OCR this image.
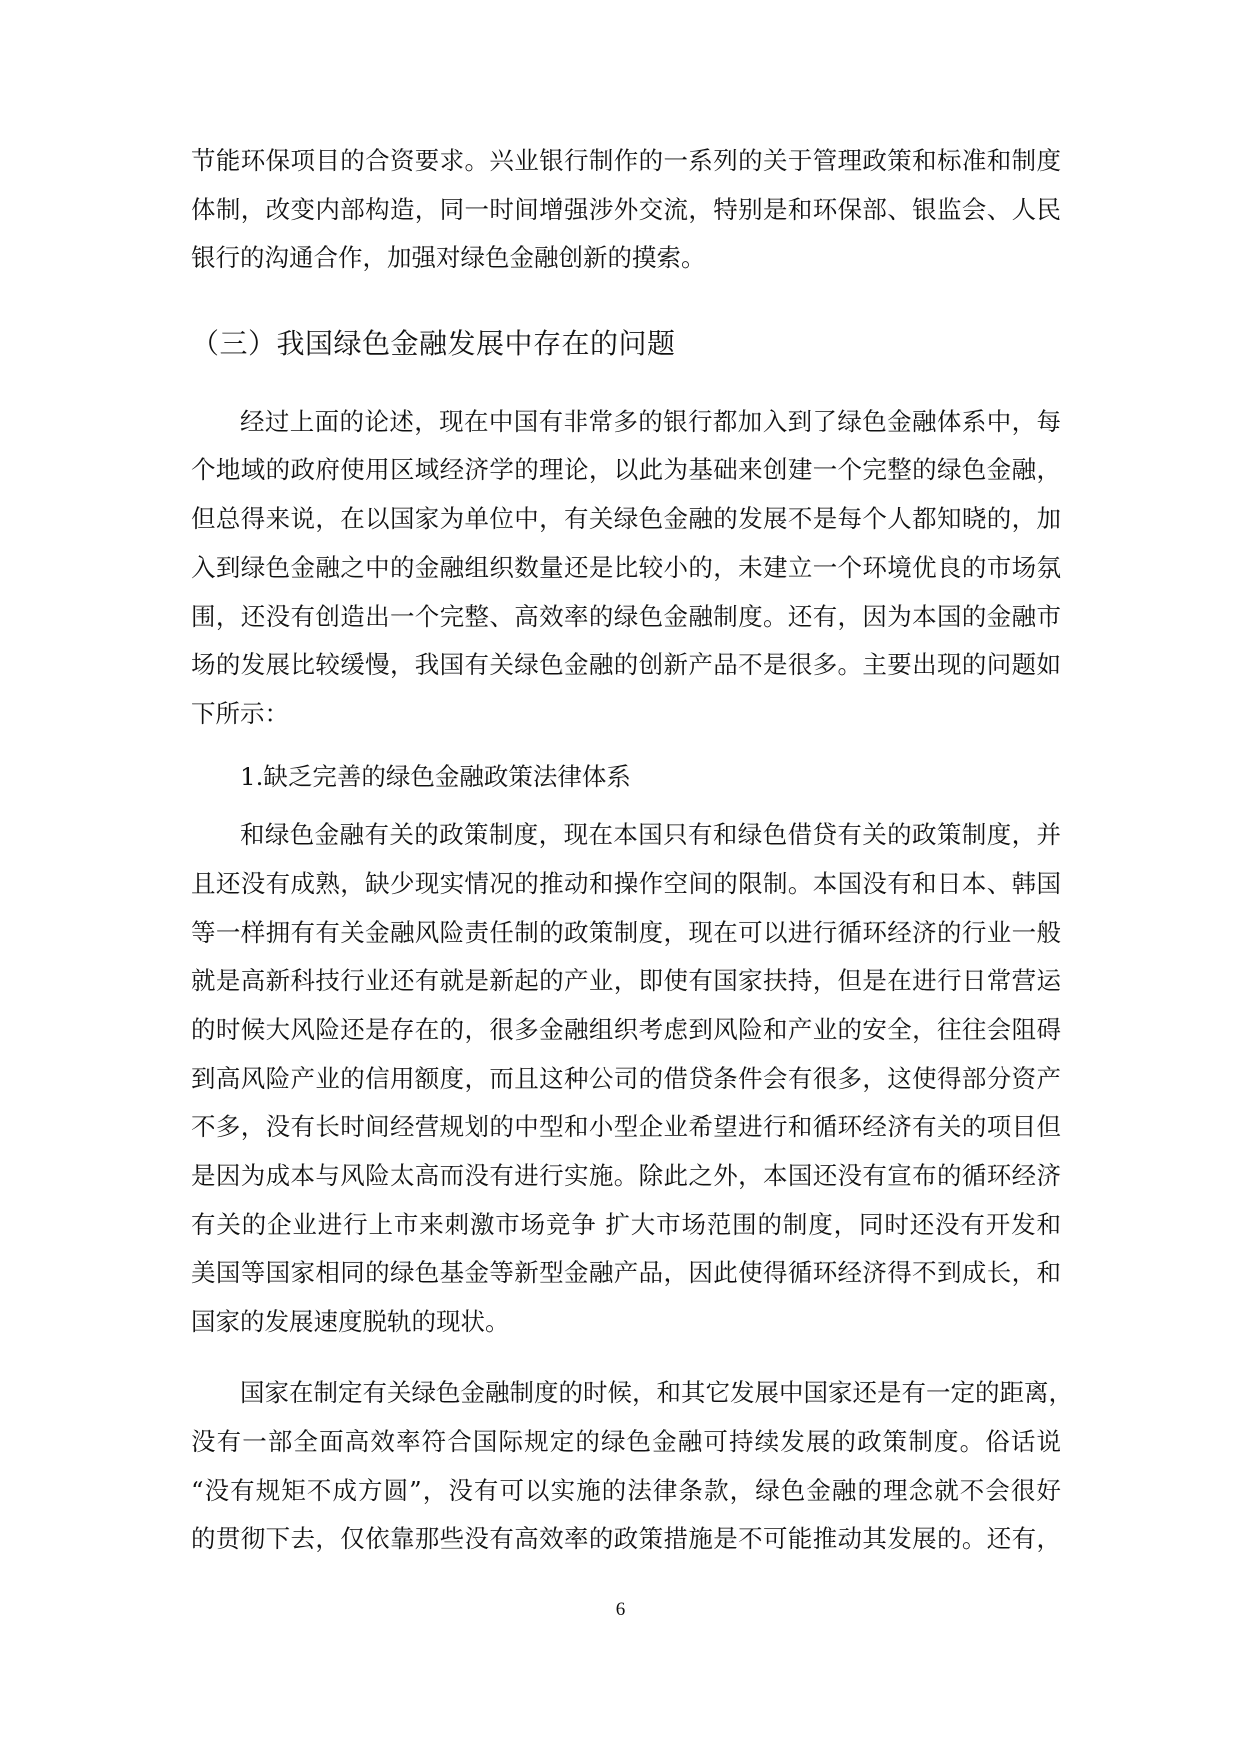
节能环保项目的合资要求。兴业银行制作的一系列的关于管理政策和标准和制度

体制，改变内部构造，同一时间增强涉外交流，特别是和环保部、银监会、人民

银行的沟通合作，加强对绿色金融创新的摸索。

（三）我国绿色金融发展中存在的问题

经过上面的论述，现在中国有非常多的银行都加入到了绿色金融体系中，每

个地域的政府使用区域经济学的理论，以此为基础来创建一个完整的绿色金融，

但总得来说，在以国家为单位中，有关绿色金融的发展不是每个人都知晓的，加

入到绿色金融之中的金融组织数量还是比较小的，未建立一个环境优良的市场氛

围，还没有创造出一个完整、高效率的绿色金融制度。还有，因为本国的金融市

场的发展比较缓慢，我国有关绿色金融的创新产品不是很多。主要出现的问题如

下所示：

1.缺乏完善的绿色金融政策法律体系

和绿色金融有关的政策制度，现在本国只有和绿色借贷有关的政策制度，并

且还没有成熟，缺少现实情况的推动和操作空间的限制。本国没有和日本、韩国

等一样拥有有关金融风险责任制的政策制度，现在可以进行循环经济的行业一般

就是高新科技行业还有就是新起的产业，即使有国家扶持，但是在进行日常营运

的时候大风险还是存在的，很多金融组织考虑到风险和产业的安全，往往会阻碍

到高风险产业的信用额度，而且这种公司的借贷条件会有很多，这使得部分资产

不多，没有长时间经营规划的中型和小型企业希望进行和循环经济有关的项目但

是因为成本与风险太高而没有进行实施。除此之外，本国还没有宣布的循环经济

有关的企业进行上市来刺激市场竞争 扩大市场范围的制度，同时还没有开发和

美国等国家相同的绿色基金等新型金融产品，因此使得循环经济得不到成长，和

国家的发展速度脱轨的现状。

国家在制定有关绿色金融制度的时候，和其它发展中国家还是有一定的距离，

没有一部全面高效率符合国际规定的绿色金融可持续发展的政策制度。俗话说

“没有规矩不成方圆”，没有可以实施的法律条款，绿色金融的理念就不会很好

的贯彻下去，仅依靠那些没有高效率的政策措施是不可能推动其发展的。还有，

6
